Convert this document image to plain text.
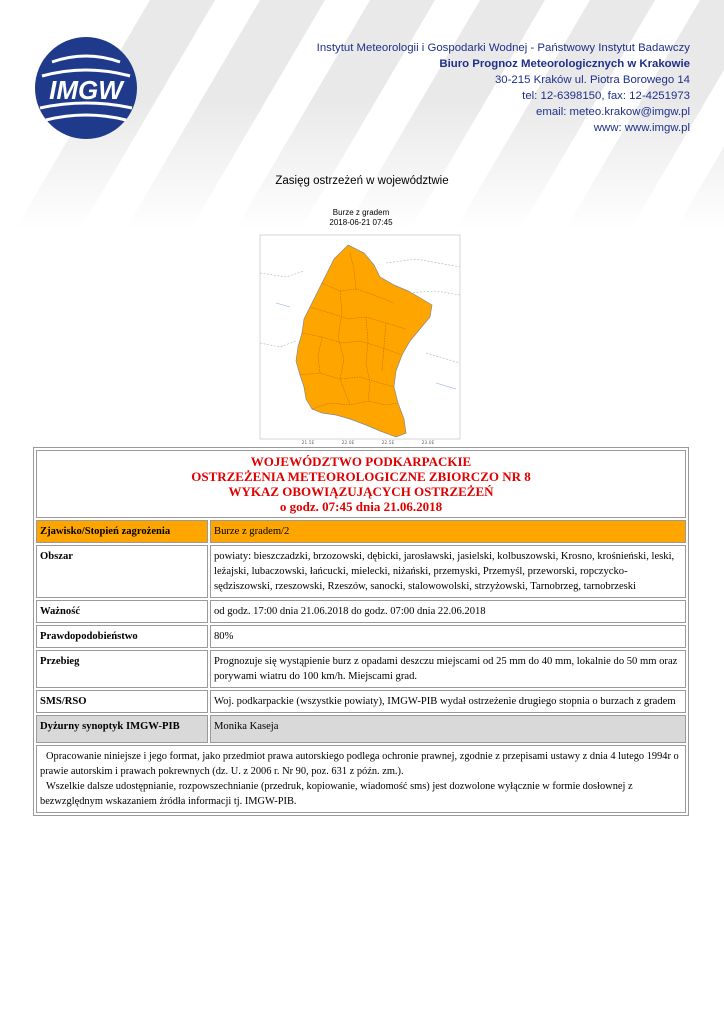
IMGW
Instytut Meteorologii i Gospodarki Wodnej - Państwowy Instytut Badawczy
Biuro Prognoz Meteorologicznych w Krakowie
30-215 Kraków ul. Piotra Borowego 14
tel: 12-6398150, fax: 12-4251973
email: meteo.krakow@imgw.pl
www: www.imgw.pl
Zasięg ostrzeżeń w województwie
Burze z gradem
2018-06-21 07:45
21.5E	22.0E	22.5E	23.0E
WOJEWÓDZTWO PODKARPACKIE
OSTRZEŻENIA METEOROLOGICZNE ZBIORCZO NR 8
WYKAZ OBOWIĄZUJĄCYCH OSTRZEŻEŃ
o godz. 07:45 dnia 21.06.2018	

Zjawisko/Stopień zagrożenia	Burze z gradem/2
Obszar	powiaty: bieszczadzki, brzozowski, dębicki, jarosławski, jasielski, kolbuszowski, Krosno, krośnieński, leski, leżajski, lubaczowski, łańcucki, mielecki, niżański, przemyski, Przemyśl, przeworski, ropczycko-sędziszowski, rzeszowski, Rzeszów, sanocki, stalowowolski, strzyżowski, Tarnobrzeg, tarnobrzeski
Ważność	od godz. 17:00 dnia 21.06.2018 do godz. 07:00 dnia 22.06.2018
Prawdopodobieństwo	80%
Przebieg	Prognozuje się wystąpienie burz z opadami deszczu miejscami od 25 mm do 40 mm, lokalnie do 50 mm oraz porywami wiatru do 100 km/h. Miejscami grad.
SMS/RSO	Woj. podkarpackie (wszystkie powiaty), IMGW-PIB wydał ostrzeżenie drugiego stopnia o burzach z gradem
Dyżurny synoptyk IMGW-PIB	Monika Kaseja

Opracowanie niniejsze i jego format, jako przedmiot prawa autorskiego podlega ochronie prawnej, zgodnie z przepisami ustawy z dnia 4 lutego 1994r o prawie autorskim i prawach pokrewnych (dz. U. z 2006 r. Nr 90, poz. 631 z późn. zm.).
Wszelkie dalsze udostępnianie, rozpowszechnianie (przedruk, kopiowanie, wiadomość sms) jest dozwolone wyłącznie w formie dosłownej z bezwzględnym wskazaniem źródła informacji tj. IMGW-PIB.	
